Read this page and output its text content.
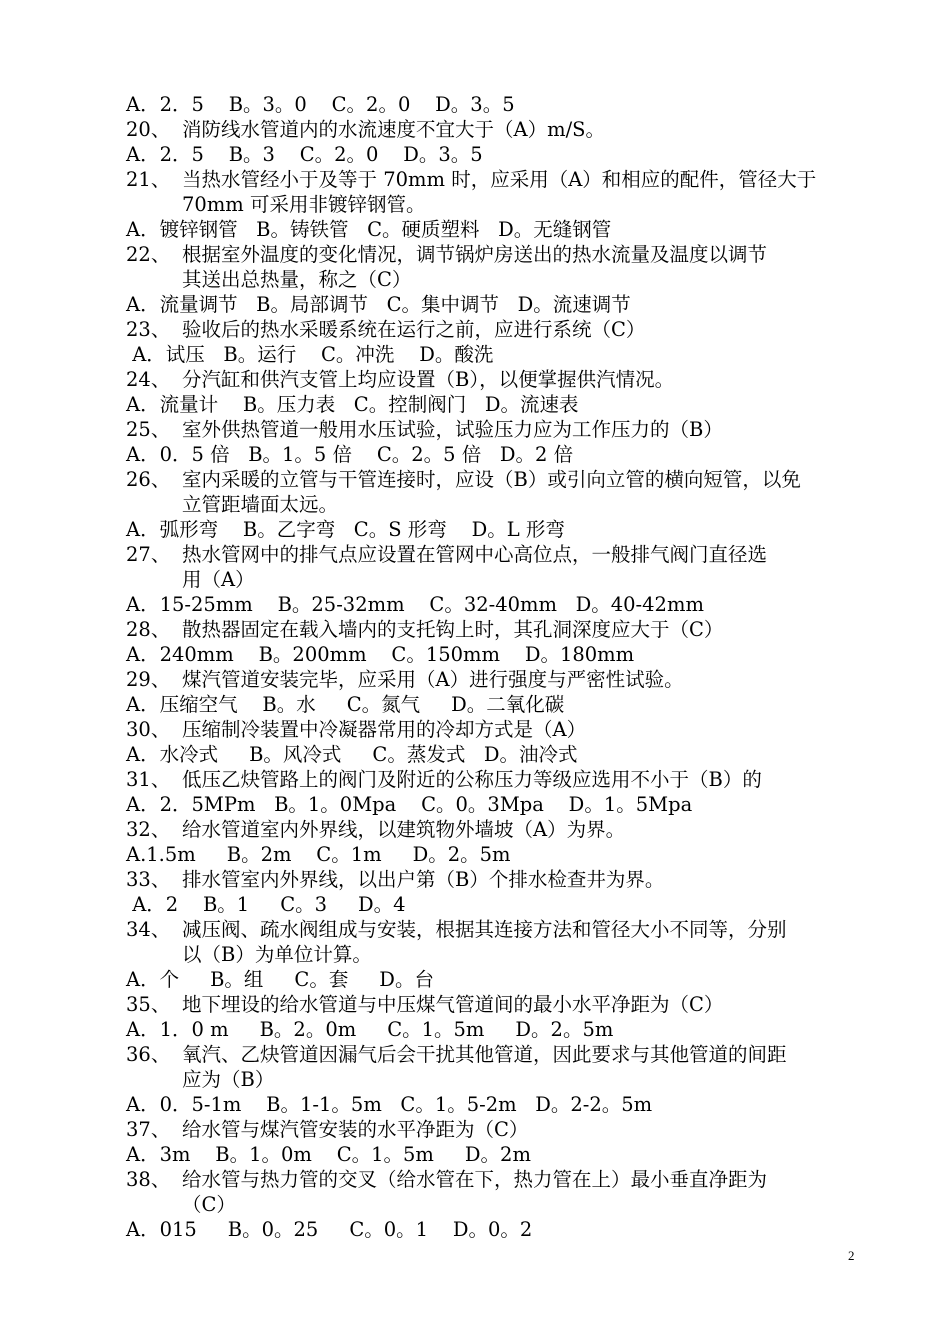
A．2．5    B。3。0    C。2。0    D。3。5
20、 消防线水管道内的水流速度不宜大于（A）m/S。
A．2．5    B。3    C。2。0    D。3。5
21、 当热水管经小于及等于 70mm 时，应采用（A）和相应的配件，管径大于
70mm 可采用非镀锌钢管。
A．镀锌钢管   B。铸铁管   C。硬质塑料   D。无缝钢管
22、 根据室外温度的变化情况，调节锅炉房送出的热水流量及温度以调节
其送出总热量，称之（C）
A．流量调节   B。局部调节   C。集中调节   D。流速调节
23、 验收后的热水采暖系统在运行之前，应进行系统（C）
A．试压   B。运行    C。冲洗    D。酸洗
24、 分汽缸和供汽支管上均应设置（B），以便掌握供汽情况。
A．流量计    B。压力表   C。控制阀门   D。流速表
25、 室外供热管道一般用水压试验，试验压力应为工作压力的（B）
A．0．5 倍   B。1。5 倍    C。2。5 倍   D。2 倍
26、 室内采暖的立管与干管连接时，应设（B）或引向立管的横向短管，以免
立管距墙面太远。
A．弧形弯    B。乙字弯   C。S 形弯    D。L 形弯
27、 热水管网中的排气点应设置在管网中心高位点，一般排气阀门直径选
用（A）
A．15-25mm    B。25-32mm    C。32-40mm   D。40-42mm
28、 散热器固定在载入墙内的支托钩上时，其孔洞深度应大于（C）
A．240mm    B。200mm    C。150mm    D。180mm
29、 煤汽管道安装完毕，应采用（A）进行强度与严密性试验。
A．压缩空气    B。水     C。氮气     D。二氧化碳
30、 压缩制冷装置中冷凝器常用的冷却方式是（A）
A．水冷式     B。风冷式     C。蒸发式   D。油冷式
31、 低压乙炔管路上的阀门及附近的公称压力等级应选用不小于（B）的
A．2．5MPm   B。1。0Mpa    C。0。3Mpa    D。1。5Mpa
32、 给水管道室内外界线，以建筑物外墙坡（A）为界。
A.1.5m     B。2m    C。1m     D。2。5m
33、 排水管室内外界线，以出户第（B）个排水检查井为界。
A．2    B。1     C。3     D。4
34、 减压阀、疏水阀组成与安装，根据其连接方法和管径大小不同等，分别
以（B）为单位计算。
A．个     B。组     C。套     D。台
35、 地下埋设的给水管道与中压煤气管道间的最小水平净距为（C）
A．1．0 m     B。2。0m     C。1。5m     D。2。5m
36、 氧汽、乙炔管道因漏气后会干扰其他管道，因此要求与其他管道的间距
应为（B）
A．0．5-1m    B。1-1。5m   C。1。5-2m   D。2-2。5m
37、 给水管与煤汽管安装的水平净距为（C）
A．3m    B。1。0m    C。1。5m     D。2m
38、 给水管与热力管的交叉（给水管在下，热力管在上）最小垂直净距为
（C）
A．015     B。0。25     C。0。1    D。0。2
2
